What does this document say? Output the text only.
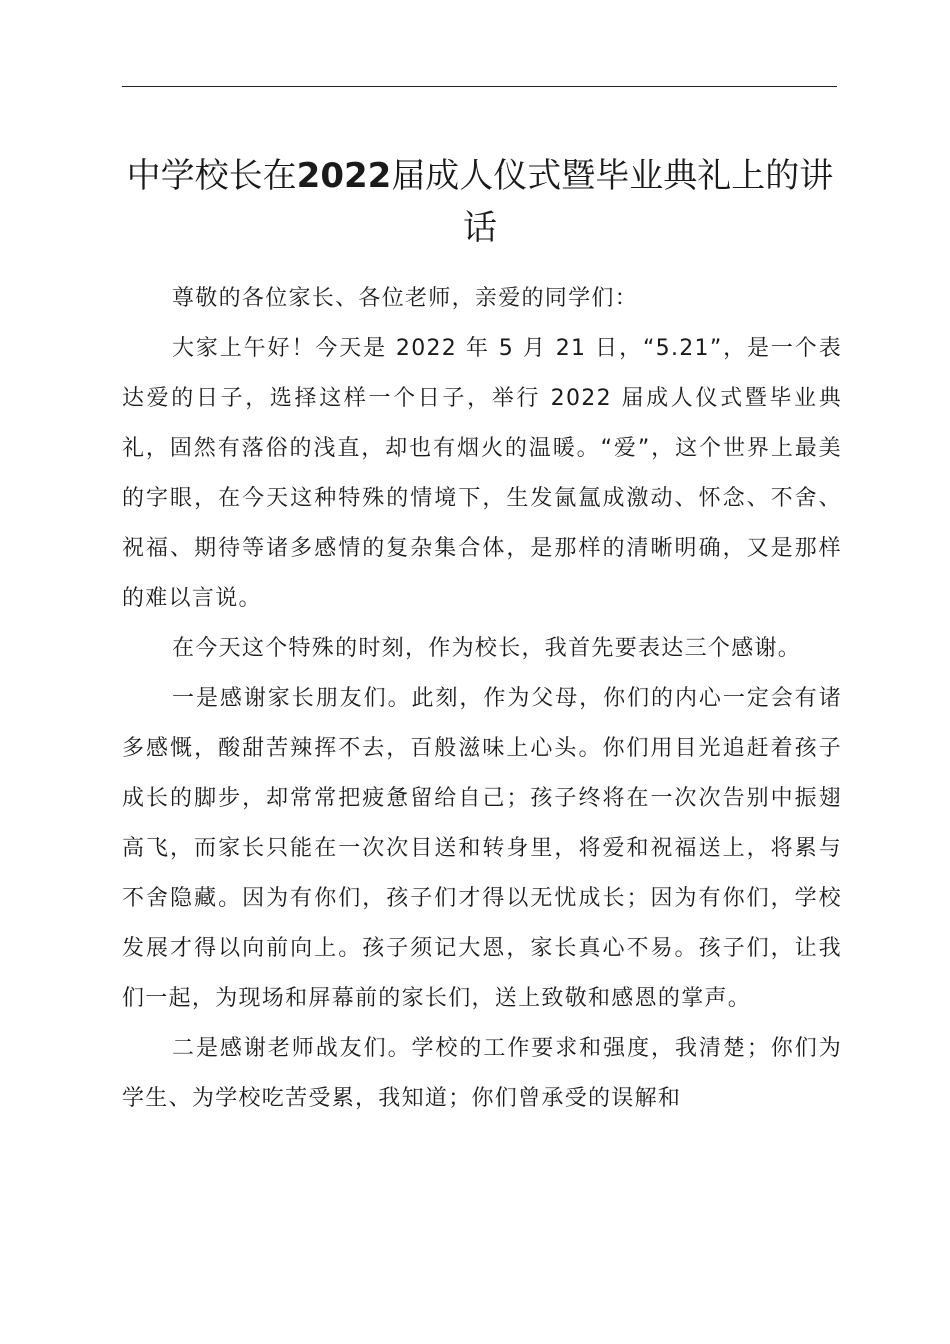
中学校长在2022届成人仪式暨毕业典礼上的讲话

尊敬的各位家长、各位老师，亲爱的同学们：

大家上午好！今天是 2022 年 5 月 21 日，“5.21”，是一个表达爱的日子，选择这样一个日子，举行 2022 届成人仪式暨毕业典礼，固然有落俗的浅直，却也有烟火的温暖。“爱”，这个世界上最美的字眼，在今天这种特殊的情境下，生发氤氲成激动、怀念、不舍、祝福、期待等诸多感情的复杂集合体，是那样的清晰明确，又是那样的难以言说。

在今天这个特殊的时刻，作为校长，我首先要表达三个感谢。

一是感谢家长朋友们。此刻，作为父母，你们的内心一定会有诸多感慨，酸甜苦辣挥不去，百般滋味上心头。你们用目光追赶着孩子成长的脚步，却常常把疲惫留给自己；孩子终将在一次次告别中振翅高飞，而家长只能在一次次目送和转身里，将爱和祝福送上，将累与不舍隐藏。因为有你们，孩子们才得以无忧成长；因为有你们，学校发展才得以向前向上。孩子须记大恩，家长真心不易。孩子们，让我们一起，为现场和屏幕前的家长们，送上致敬和感恩的掌声。

二是感谢老师战友们。学校的工作要求和强度，我清楚；你们为学生、为学校吃苦受累，我知道；你们曾承受的误解和
